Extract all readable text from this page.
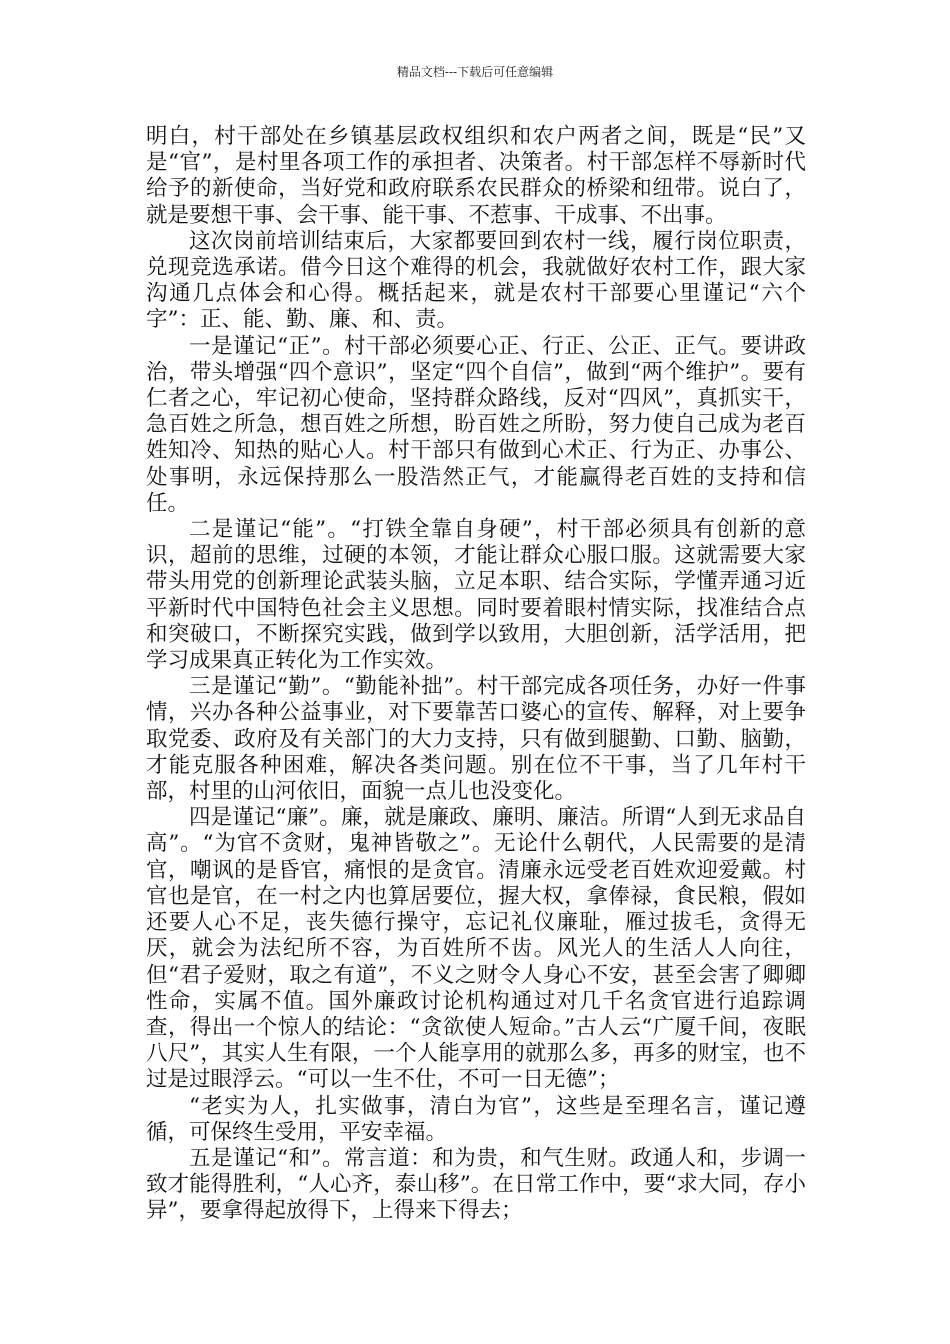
精品文档---下载后可任意编辑

明白，村干部处在乡镇基层政权组织和农户两者之间，既是“民”又是“官”，是村里各项工作的承担者、决策者。村干部怎样不辱新时代给予的新使命，当好党和政府联系农民群众的桥梁和纽带。说白了，就是要想干事、会干事、能干事、不惹事、干成事、不出事。

这次岗前培训结束后，大家都要回到农村一线，履行岗位职责，兑现竞选承诺。借今日这个难得的机会，我就做好农村工作，跟大家沟通几点体会和心得。概括起来，就是农村干部要心里谨记“六个字”：正、能、勤、廉、和、责。

一是谨记“正”。村干部必须要心正、行正、公正、正气。要讲政治，带头增强“四个意识”，坚定“四个自信”，做到“两个维护”。要有仁者之心，牢记初心使命，坚持群众路线，反对“四风”，真抓实干，急百姓之所急，想百姓之所想，盼百姓之所盼，努力使自己成为老百姓知冷、知热的贴心人。村干部只有做到心术正、行为正、办事公、处事明，永远保持那么一股浩然正气，才能赢得老百姓的支持和信任。

二是谨记“能”。“打铁全靠自身硬”，村干部必须具有创新的意识，超前的思维，过硬的本领，才能让群众心服口服。这就需要大家带头用党的创新理论武装头脑，立足本职、结合实际，学懂弄通习近平新时代中国特色社会主义思想。同时要着眼村情实际，找准结合点和突破口，不断探究实践，做到学以致用，大胆创新，活学活用，把学习成果真正转化为工作实效。

三是谨记“勤”。“勤能补拙”。村干部完成各项任务，办好一件事情，兴办各种公益事业，对下要靠苦口婆心的宣传、解释，对上要争取党委、政府及有关部门的大力支持，只有做到腿勤、口勤、脑勤，才能克服各种困难，解决各类问题。别在位不干事，当了几年村干部，村里的山河依旧，面貌一点儿也没变化。

四是谨记“廉”。廉，就是廉政、廉明、廉洁。所谓“人到无求品自高”。“为官不贪财，鬼神皆敬之”。无论什么朝代，人民需要的是清官，嘲讽的是昏官，痛恨的是贪官。清廉永远受老百姓欢迎爱戴。村官也是官，在一村之内也算居要位，握大权，拿俸禄，食民粮，假如还要人心不足，丧失德行操守，忘记礼仪廉耻，雁过拔毛，贪得无厌，就会为法纪所不容，为百姓所不齿。风光人的生活人人向往，但“君子爱财，取之有道”，不义之财令人身心不安，甚至会害了卿卿性命，实属不值。国外廉政讨论机构通过对几千名贪官进行追踪调查，得出一个惊人的结论：“贪欲使人短命。”古人云“广厦千间，夜眠八尺”，其实人生有限，一个人能享用的就那么多，再多的财宝，也不过是过眼浮云。“可以一生不仕，不可一日无德”；

“老实为人，扎实做事，清白为官”，这些是至理名言，谨记遵循，可保终生受用，平安幸福。

五是谨记“和”。常言道：和为贵，和气生财。政通人和，步调一致才能得胜利，“人心齐，泰山移”。在日常工作中，要“求大同，存小异”，要拿得起放得下，上得来下得去；
